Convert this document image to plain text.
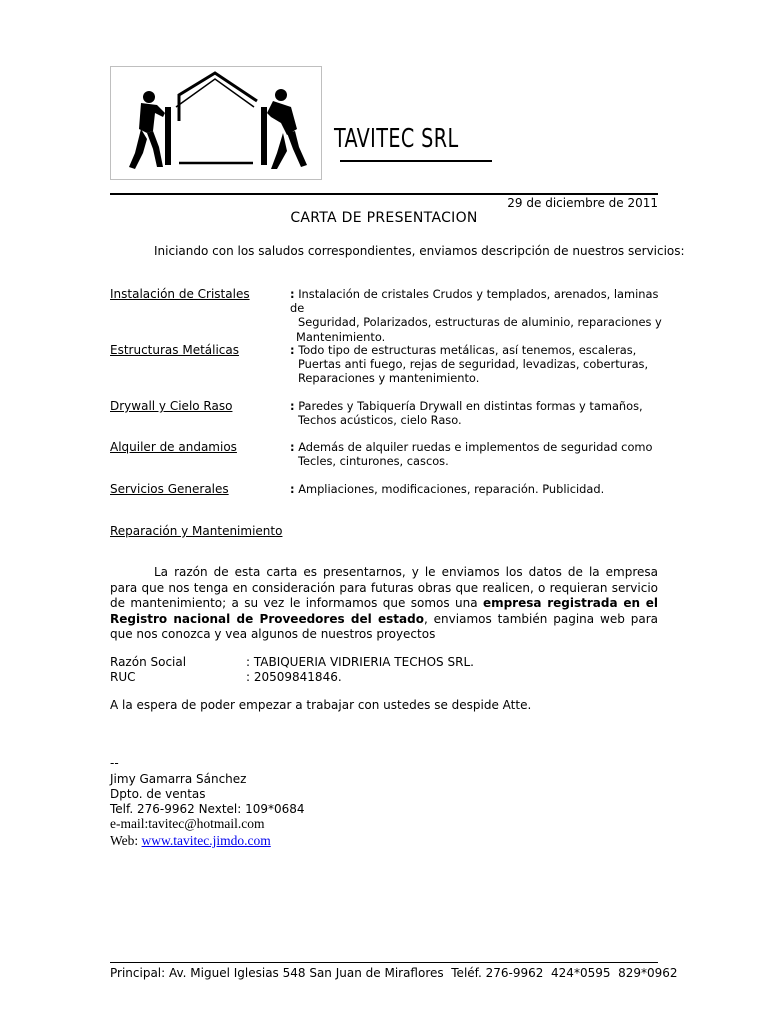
TAVITEC SRL
29 de diciembre de 2011
CARTA DE PRESENTACION
Iniciando con los saludos correspondientes, enviamos descripción de nuestros servicios:
Instalación de Cristales	: Instalación de cristales Crudos y templados, arenados, laminas de
Seguridad, Polarizados, estructuras de aluminio, reparaciones y
Mantenimiento.
Estructuras Metálicas	: Todo tipo de estructuras metálicas, así tenemos, escaleras,
Puertas anti fuego, rejas de seguridad, levadizas, coberturas,
Reparaciones y mantenimiento.
Drywall y Cielo Raso	: Paredes y Tabiquería Drywall en distintas formas y tamaños,
Techos acústicos, cielo Raso.
Alquiler de andamios	: Además de alquiler ruedas e implementos de seguridad como
Tecles, cinturones, cascos.
Servicios Generales	: Ampliaciones, modificaciones, reparación. Publicidad.
Reparación y Mantenimiento
La razón de esta carta es presentarnos, y le enviamos los datos de la empresa para que nos tenga en consideración para futuras obras que realicen, o requieran servicio de mantenimiento; a su vez le informamos que somos una empresa registrada en el Registro nacional de Proveedores del estado, enviamos también pagina web para que nos conozca y vea algunos de nuestros proyectos
Razón Social	: TABIQUERIA VIDRIERIA TECHOS SRL.
RUC	: 20509841846.
A la espera de poder empezar a trabajar con ustedes se despide Atte.
--
Jimy Gamarra Sánchez
Dpto. de ventas
Telf. 276-9962 Nextel: 109*0684
e-mail:tavitec@hotmail.com
Web: www.tavitec.jimdo.com
Principal: Av. Miguel Iglesias 548 San Juan de Miraflores  Teléf. 276-9962  424*0595  829*0962
